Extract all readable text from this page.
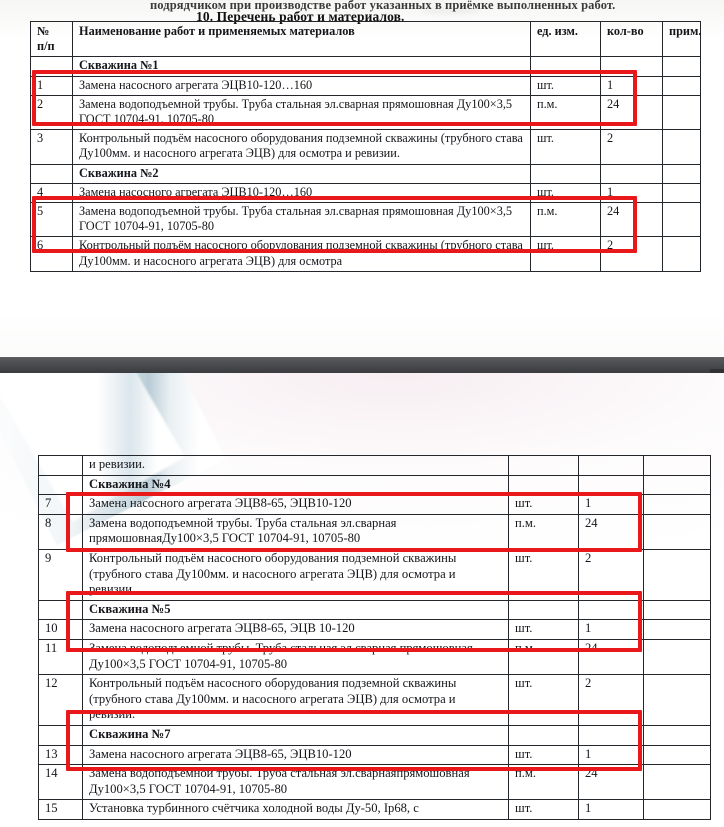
подрядчиком при производстве работ указанных в приёмке выполненных работ.
10. Перечень работ и материалов.
№
п/п	Наименование работ и применяемых материалов	ед. изм.	кол-во	прим.
	Скважина №1			
1	Замена насосного агрегата ЭЦВ10-120…160	шт.	1	
2	Замена водоподъемной трубы. Труба стальная эл.сварная прямошовная Ду100×3,5 ГОСТ 10704-91, 10705-80	п.м.	24	
3	Контрольный подъём насосного оборудования подземной скважины (трубного става Ду100мм. и насосного агрегата ЭЦВ) для осмотра и ревизии.	шт.	2	
	Скважина №2			
4	Замена насосного агрегата ЭЦВ10-120…160	шт.	1	
5	Замена водоподъемной трубы. Труба стальная эл.сварная прямошовная Ду100×3,5 ГОСТ 10704-91, 10705-80	п.м.	24	
6	Контрольный подъём насосного оборудования подземной скважины (трубного става Ду100мм. и насосного агрегата ЭЦВ) для осмотра	шт.	2	
	и ревизии.			
	Скважина №4			
7	Замена насосного агрегата ЭЦВ8-65, ЭЦВ10-120	шт.	1	
8	Замена водоподъемной трубы. Труба стальная эл.сварная прямошовнаяДу100×3,5 ГОСТ 10704-91, 10705-80	п.м.	24	
9	Контрольный подъём насосного оборудования подземной скважины (трубного става Ду100мм. и насосного агрегата ЭЦВ) для осмотра и ревизии.	шт.	2	
	Скважина №5			
10	Замена насосного агрегата ЭЦВ8-65, ЭЦВ 10-120	шт.	1	
11	Замена водоподъемной трубы. Труба стальная эл.сварная прямошовная Ду100×3,5 ГОСТ 10704-91, 10705-80	п.м.	24	
12	Контрольный подъём насосного оборудования подземной скважины (трубного става Ду100мм. и насосного агрегата ЭЦВ) для осмотра и ревизии.	шт.	2	
	Скважина №7			
13	Замена насосного агрегата ЭЦВ8-65, ЭЦВ10-120	шт.	1	
14	Замена водоподъемной трубы. Труба стальная эл.сварнаяпрямошовная Ду100×3,5 ГОСТ 10704-91, 10705-80	п.м.	24	
15	Установка турбинного счётчика холодной воды Ду-50, Ip68, с	шт.	1	
